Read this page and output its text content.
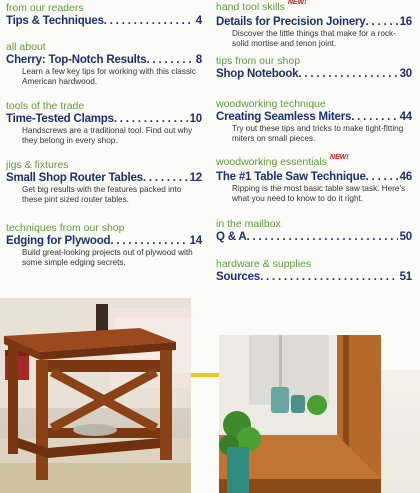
from our readers
Tips & Techniques . . .	4
all about
Cherry: Top-Notch Results . . .	8
Learn a few key tips for working with this classic American hardwood.
tools of the trade
Time-Tested Clamps . . .	10
Handscrews are a traditional tool. Find out why they belong in every shop.
jigs & fixtures
Small Shop Router Tables . . .	12
Get big results with the features packed into these pint sized router tables.
techniques from our shop
Edging for Plywood . . .	14
Build great-looking projects out of plywood with some simple edging secrets.
hand tool skills $^{NEW!}$
Details for Precision Joinery . . .	16
Discover the little things that make for a rock-solid mortise and tenon joint.
tips from our shop
Shop Notebook . . .	30
woodworking technique
Creating Seamless Miters . . .	44
Try out these tips and tricks to make tight-fitting miters on small pieces.
woodworking essentials $^{NEW!}$
The #1 Table Saw Technique . . .	46
Ripping is the most basic table saw task. Here's what you need to know to do it right.
in the mailbox
Q & A . . .	50
hardware & supplies
Sources . . .	51
